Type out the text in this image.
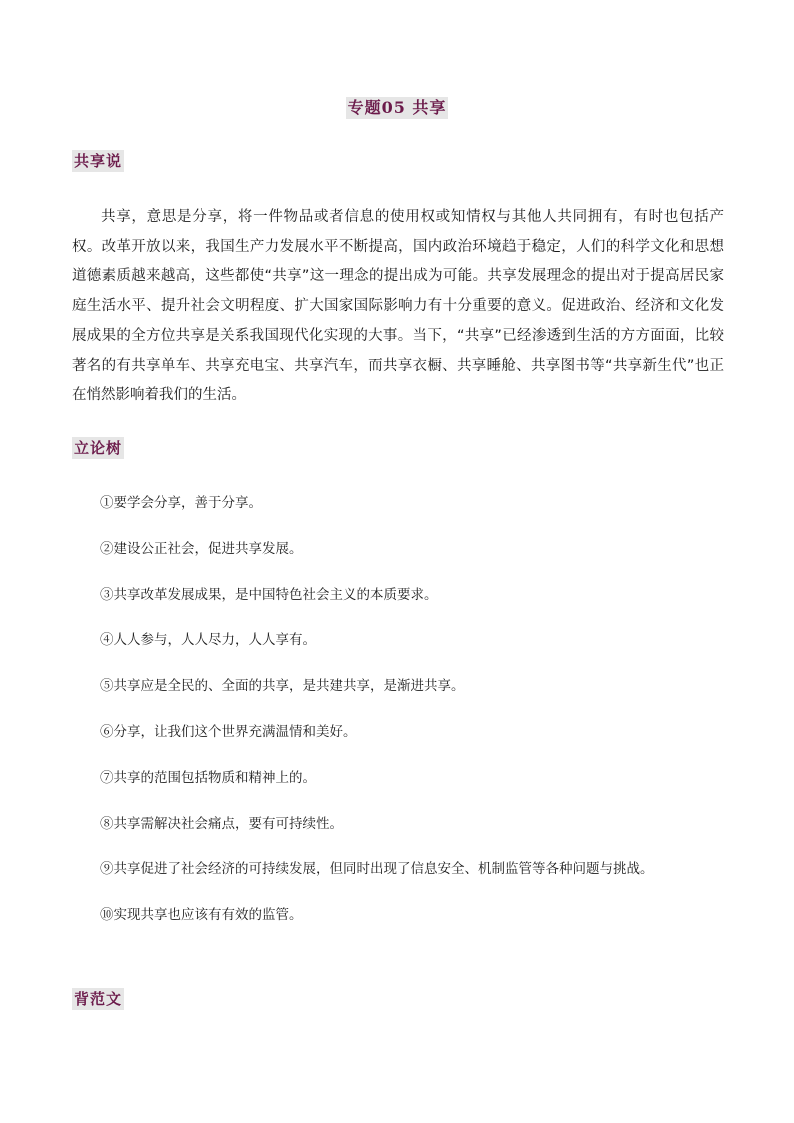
专题05 共享
共享说

共享，意思是分享，将一件物品或者信息的使用权或知情权与其他人共同拥有，有时也包括产权。改革开放以来，我国生产力发展水平不断提高，国内政治环境趋于稳定，人们的科学文化和思想道德素质越来越高，这些都使“共享”这一理念的提出成为可能。共享发展理念的提出对于提高居民家庭生活水平、提升社会文明程度、扩大国家国际影响力有十分重要的意义。促进政治、经济和文化发展成果的全方位共享是关系我国现代化实现的大事。当下，“共享”已经渗透到生活的方方面面，比较著名的有共享单车、共享充电宝、共享汽车，而共享衣橱、共享睡舱、共享图书等“共享新生代”也正在悄然影响着我们的生活。

立论树
①要学会分享，善于分享。
②建设公正社会，促进共享发展。
③共享改革发展成果，是中国特色社会主义的本质要求。
④人人参与，人人尽力，人人享有。
⑤共享应是全民的、全面的共享，是共建共享，是渐进共享。
⑥分享，让我们这个世界充满温情和美好。
⑦共享的范围包括物质和精神上的。
⑧共享需解决社会痛点，要有可持续性。
⑨共享促进了社会经济的可持续发展，但同时出现了信息安全、机制监管等各种问题与挑战。
⑩实现共享也应该有有效的监管。
背范文
